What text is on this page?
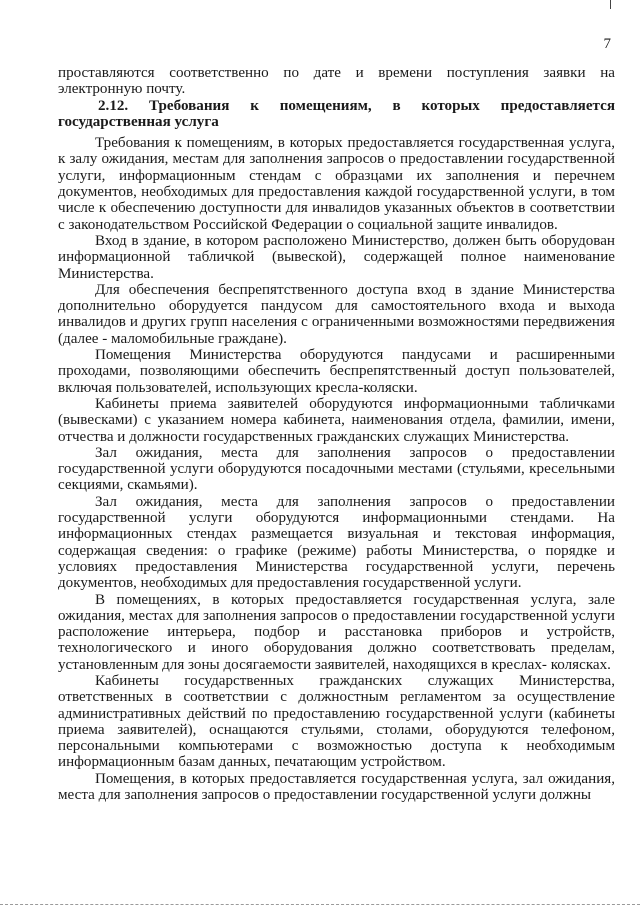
7

проставляются соответственно по дате и времени поступления заявки на электронную почту.

2.12. Требования к помещениям, в которых предоставляется государственная услуга

Требования к помещениям, в которых предоставляется государственная услуга, к залу ожидания, местам для заполнения запросов о предоставлении государственной услуги, информационным стендам с образцами их заполнения и перечнем документов, необходимых для предоставления каждой государственной услуги, в том числе к обеспечению доступности для инвалидов указанных объектов в соответствии с законодательством Российской Федерации о социальной защите инвалидов.

Вход в здание, в котором расположено Министерство, должен быть оборудован информационной табличкой (вывеской), содержащей полное наименование Министерства.

Для обеспечения беспрепятственного доступа вход в здание Министерства дополнительно оборудуется пандусом для самостоятельного входа и выхода инвалидов и других групп населения с ограниченными возможностями передвижения (далее - маломобильные граждане).

Помещения Министерства оборудуются пандусами и расширенными проходами, позволяющими обеспечить беспрепятственный доступ пользователей, включая пользователей, использующих кресла-коляски.

Кабинеты приема заявителей оборудуются информационными табличками (вывесками) с указанием номера кабинета, наименования отдела, фамилии, имени, отчества и должности государственных гражданских служащих Министерства.

Зал ожидания, места для заполнения запросов о предоставлении государственной услуги оборудуются посадочными местами (стульями, кресельными секциями, скамьями).

Зал ожидания, места для заполнения запросов о предоставлении государственной услуги оборудуются информационными стендами. На информационных стендах размещается визуальная и текстовая информация, содержащая сведения: о графике (режиме) работы Министерства, о порядке и условиях предоставления Министерства государственной услуги, перечень документов, необходимых для предоставления государственной услуги.

В помещениях, в которых предоставляется государственная услуга, зале ожидания, местах для заполнения запросов о предоставлении государственной услуги расположение интерьера, подбор и расстановка приборов и устройств, технологического и иного оборудования должно соответствовать пределам, установленным для зоны досягаемости заявителей, находящихся в креслах- колясках.

Кабинеты государственных гражданских служащих Министерства, ответственных в соответствии с должностным регламентом за осуществление административных действий по предоставлению государственной услуги (кабинеты приема заявителей), оснащаются стульями, столами, оборудуются телефоном, персональными компьютерами с возможностью доступа к необходимым информационным базам данных, печатающим устройством.

Помещения, в которых предоставляется государственная услуга, зал ожидания, места для заполнения запросов о предоставлении государственной услуги должны
